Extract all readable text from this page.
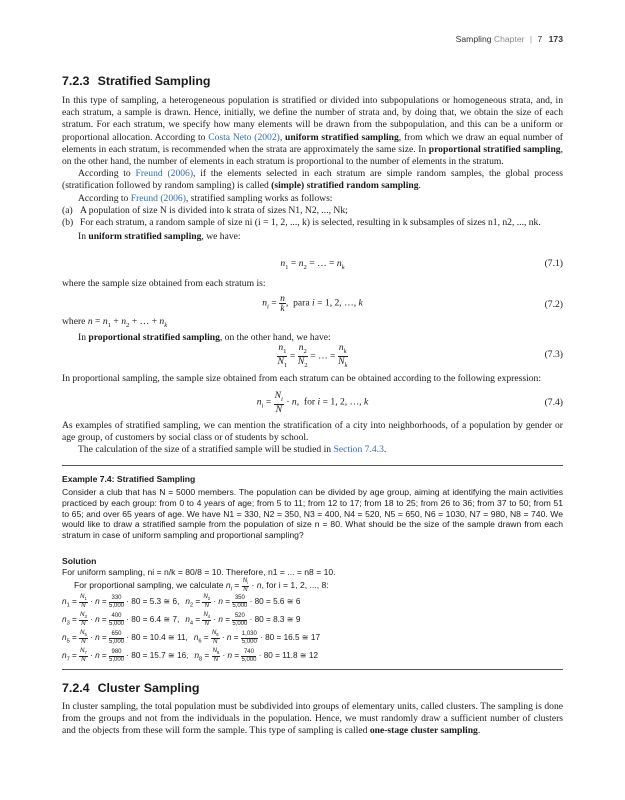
Sampling Chapter | 7 173
7.2.3 Stratified Sampling

In this type of sampling, a heterogeneous population is stratified or divided into subpopulations or homogeneous strata, and, in each stratum, a sample is drawn. Hence, initially, we define the number of strata and, by doing that, we obtain the size of each stratum. For each stratum, we specify how many elements will be drawn from the subpopulation, and this can be a uniform or proportional allocation. According to Costa Neto (2002), uniform stratified sampling, from which we draw an equal number of elements in each stratum, is recommended when the strata are approximately the same size. In proportional stratified sampling, on the other hand, the number of elements in each stratum is proportional to the number of elements in the stratum.

According to Freund (2006), if the elements selected in each stratum are simple random samples, the global process (stratification followed by random sampling) is called (simple) stratified random sampling.

According to Freund (2006), stratified sampling works as follows:

(a) A population of size N is divided into k strata of sizes N1, N2, ..., Nk;
(b) For each stratum, a random sample of size ni (i = 1, 2, ..., k) is selected, resulting in k subsamples of sizes n1, n2, ..., nk.

In uniform stratified sampling, we have:

$n_1 = n_2$ = … = $n_k$	(7.1)

where the sample size obtained from each stratum is:

$n_i = \frac{n}{k}$ ,  para i = 1, 2, …, k	(7.2)

where $n = n_1 + n_2$ + … + $n_k$

In proportional stratified sampling, on the other hand, we have:

$\frac{n_1}{N_1} = \frac{n_2}{N_2}$ = … = $\frac{n_k}{N_k}$	(7.3)

In proportional sampling, the sample size obtained from each stratum can be obtained according to the following expression:

$n_i = \frac{N_i}{N} \cdot n$,  for i = 1, 2, …, k	(7.4)

As examples of stratified sampling, we can mention the stratification of a city into neighborhoods, of a population by gender or age group, of customers by social class or of students by school.

The calculation of the size of a stratified sample will be studied in Section 7.4.3.

Example 7.4: Stratified Sampling

Consider a club that has N = 5000 members. The population can be divided by age group, aiming at identifying the main activities practiced by each group: from 0 to 4 years of age; from 5 to 11; from 12 to 17; from 18 to 25; from 26 to 36; from 37 to 50; from 51 to 65; and over 65 years of age. We have N1 = 330, N2 = 350, N3 = 400, N4 = 520, N5 = 650, N6 = 1030, N7 = 980, N8 = 740. We would like to draw a stratified sample from the population of size n = 80. What should be the size of the sample drawn from each stratum in case of uniform sampling and proportional sampling?

Solution
For uniform sampling, ni = n/k = 80/8 = 10. Therefore, n1 = ... = n8 = 10.
For proportional sampling, we calculate $n_i = \frac{N_i}{N} \cdot n$, for i = 1, 2, ..., 8:
$n_1 = \frac{N_1}{N} \cdot n = \frac{330}{5,000} \cdot 80 = 5.3$ ≅ 6, $n_2 = \frac{N_2}{N} \cdot n = \frac{350}{5,000} \cdot 80 = 5.6$ ≅ 6
$n_3 = \frac{N_3}{N} \cdot n = \frac{400}{5,000} \cdot 80 = 6.4$ ≅ 7, $n_4 = \frac{N_4}{N} \cdot n = \frac{520}{5,000} \cdot 80 = 8.3$ ≅ 9
$n_5 = \frac{N_5}{N} \cdot n = \frac{650}{5,000} \cdot 80 = 10.4$ ≅ 11, $n_6 = \frac{N_6}{N} \cdot n = \frac{1,030}{5,000} \cdot 80 = 16.5$ ≅ 17
$n_7 = \frac{N_7}{N} \cdot n = \frac{980}{5,000} \cdot 80 = 15.7$ ≅ 16, $n_8 = \frac{N_8}{N} \cdot n = \frac{740}{5,000} \cdot 80 = 11.8$ ≅ 12
7.2.4 Cluster Sampling

In cluster sampling, the total population must be subdivided into groups of elementary units, called clusters. The sampling is done from the groups and not from the individuals in the population. Hence, we must randomly draw a sufficient number of clusters and the objects from these will form the sample. This type of sampling is called one-stage cluster sampling.
